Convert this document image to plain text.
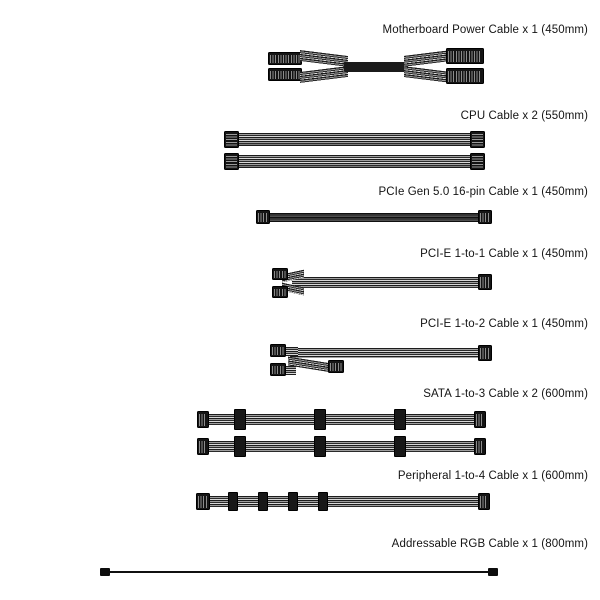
Motherboard Power Cable x 1 (450mm)
CPU Cable x 2 (550mm)
PCIe Gen 5.0 16-pin Cable x 1 (450mm)
PCI-E 1-to-1 Cable x 1 (450mm)
PCI-E 1-to-2 Cable x 1 (450mm)
SATA 1-to-3 Cable x 2 (600mm)
Peripheral 1-to-4 Cable x 1 (600mm)
Addressable RGB Cable x 1 (800mm)
